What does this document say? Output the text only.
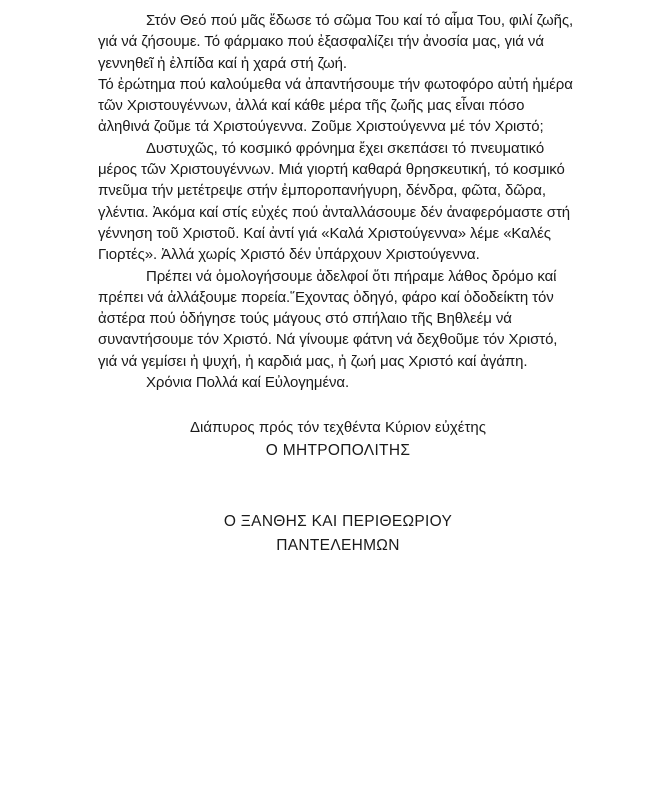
Στόν Θεό πού μᾶς ἔδωσε τό σῶμα Του καί τό αἷμα Του, φιλί ζωῆς, γιά νά ζήσουμε. Τό φάρμακο πού ἐξασφαλίζει τήν ἀνοσία μας, γιά νά γεννηθεῖ ἡ ἐλπίδα καί ἡ χαρά στή ζωή.

Τό ἐρώτημα πού καλούμεθα νά ἀπαντήσουμε τήν φωτοφόρο αὐτή ἡμέρα τῶν Χριστουγέννων, ἀλλά καί κάθε μέρα τῆς ζωῆς μας εἶναι πόσο ἀληθινά ζοῦμε τά Χριστούγεννα. Ζοῦμε Χριστούγεννα μέ τόν Χριστό;

Δυστυχῶς, τό κοσμικό φρόνημα ἔχει σκεπάσει τό πνευματικό μέρος τῶν Χριστουγέννων. Μιά γιορτή καθαρά θρησκευτική, τό κοσμικό πνεῦμα τήν μετέτρεψε στήν ἐμποροπανήγυρη, δένδρα, φῶτα, δῶρα, γλέντια. Ἀκόμα καί στίς εὐχές πού ἀνταλλάσουμε δέν ἀναφερόμαστε στή γέννηση τοῦ Χριστοῦ. Καί ἀντί γιά «Καλά Χριστούγεννα» λέμε «Καλές Γιορτές». Ἀλλά χωρίς Χριστό δέν ὑπάρχουν Χριστούγεννα.

Πρέπει νά ὁμολογήσουμε ἀδελφοί ὅτι πήραμε λάθος δρόμο καί πρέπει νά ἀλλάξουμε πορεία.῞Εχοντας ὁδηγό, φάρο καί ὁδοδείκτη τόν ἀστέρα πού ὁδήγησε τούς μάγους στό σπήλαιο τῆς Βηθλεέμ νά συναντήσουμε τόν Χριστό. Νά γίνουμε φάτνη νά δεχθοῦμε τόν Χριστό, γιά νά γεμίσει ἡ ψυχή, ἡ καρδιά μας, ἡ ζωή μας Χριστό καί ἀγάπη.

Χρόνια Πολλά καί Εὐλογημένα.

Διάπυρος πρός τόν τεχθέντα Κύριον εὐχέτης
Ο ΜΗΤΡΟΠΟΛΙΤΗΣ
Ο ΞΑΝΘΗΣ ΚΑΙ ΠΕΡΙΘΕΩΡΙΟΥ
ΠΑΝΤΕΛΕΗΜΩΝ
